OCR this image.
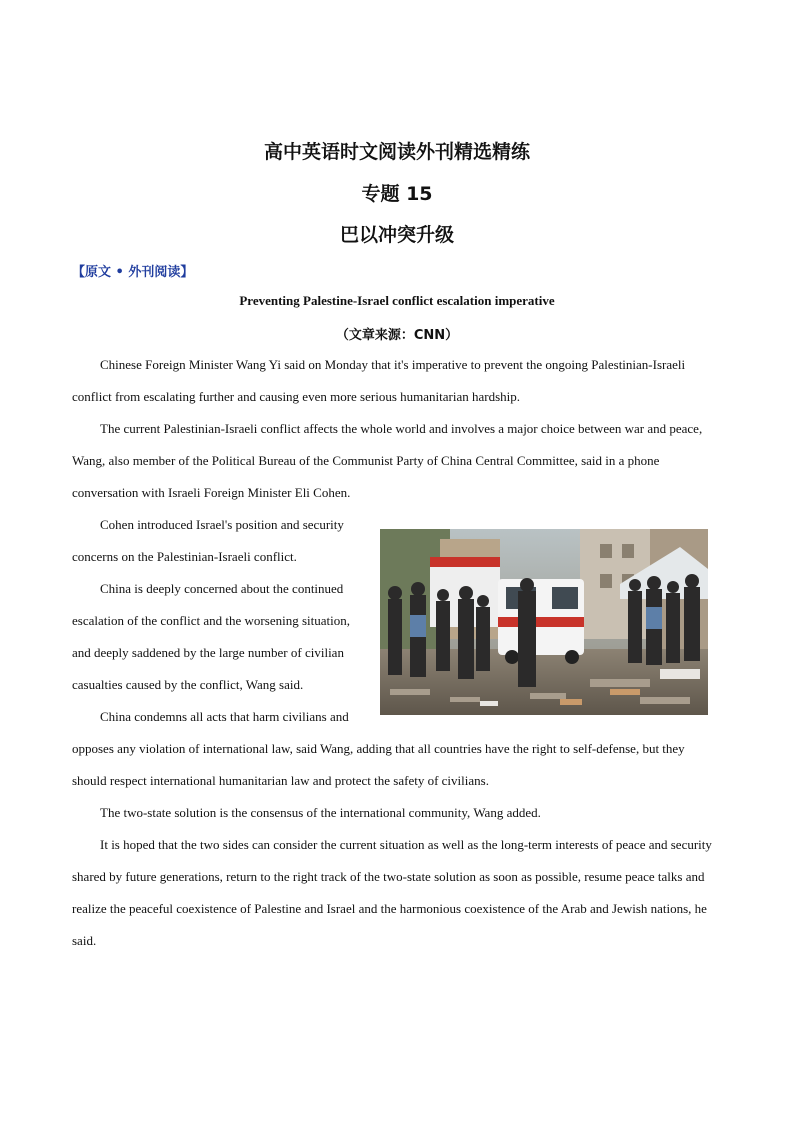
高中英语时文阅读外刊精选精练
专题 15
巴以冲突升级
【原文 • 外刊阅读】
Preventing Palestine-Israel conflict escalation imperative
（文章来源：CNN）

Chinese Foreign Minister Wang Yi said on Monday that it's imperative to prevent the ongoing Palestinian-Israeli conflict from escalating further and causing even more serious humanitarian hardship.

The current Palestinian-Israeli conflict affects the whole world and involves a major choice between war and peace, Wang, also member of the Political Bureau of the Communist Party of China Central Committee, said in a phone conversation with Israeli Foreign Minister Eli Cohen.

Cohen introduced Israel's position and security concerns on the Palestinian-Israeli conflict.

China is deeply concerned about the continued escalation of the conflict and the worsening situation, and deeply saddened by the large number of civilian casualties caused by the conflict, Wang said.

China condemns all acts that harm civilians and opposes any violation of international law, said Wang, adding that all countries have the right to self-defense, but they should respect international humanitarian law and protect the safety of civilians.

The two-state solution is the consensus of the international community, Wang added.

It is hoped that the two sides can consider the current situation as well as the long-term interests of peace and security shared by future generations, return to the right track of the two-state solution as soon as possible, resume peace talks and realize the peaceful coexistence of Palestine and Israel and the harmonious coexistence of the Arab and Jewish nations, he said.
